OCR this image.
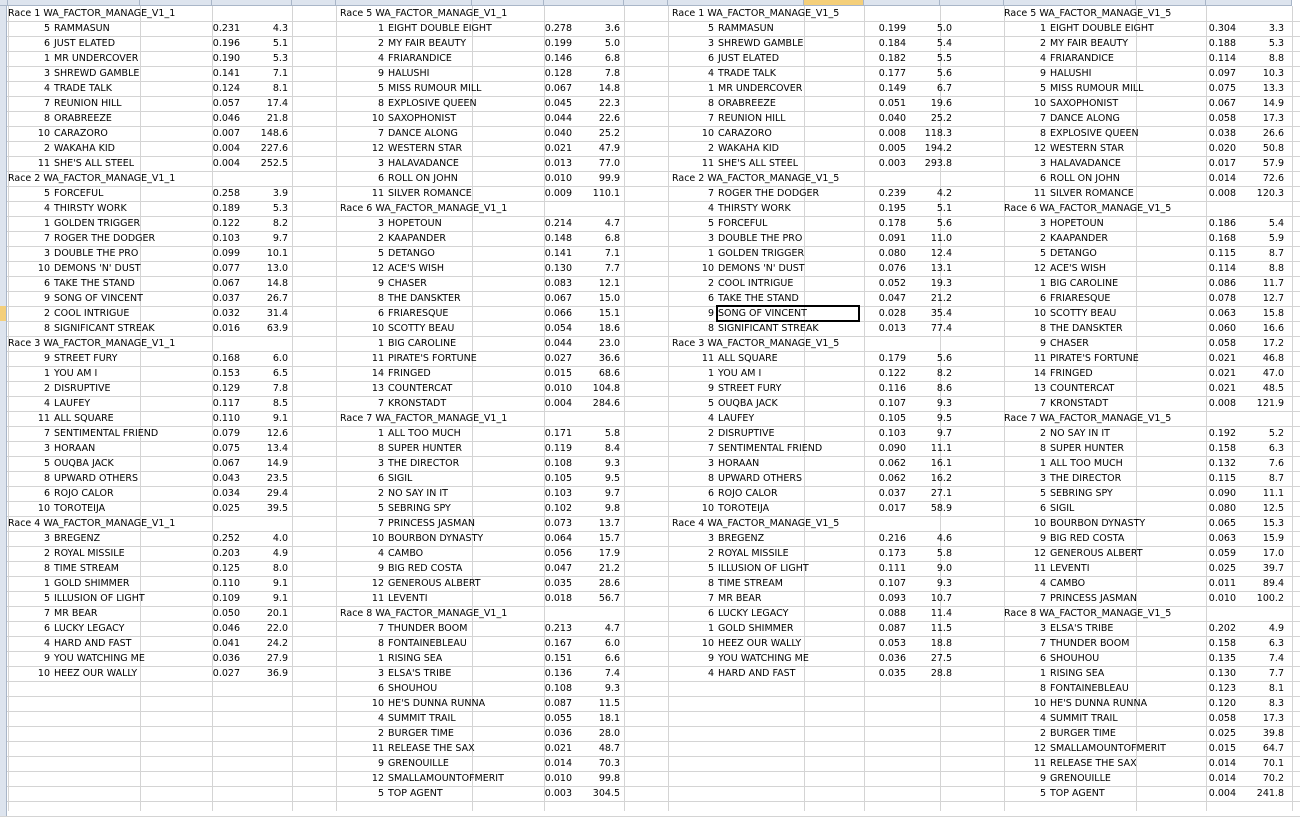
Race 1 WA_FACTOR_MANAGE_V1_1
5 RAMMASUN	0.231	4.3
6 JUST ELATED	0.196	5.1
1 MR UNDERCOVER	0.190	5.3
3 SHREWD GAMBLE	0.141	7.1
4 TRADE TALK	0.124	8.1
7 REUNION HILL	0.057	17.4
8 ORABREEZE	0.046	21.8
10 CARAZORO	0.007	148.6
2 WAKAHA KID	0.004	227.6
11 SHE'S ALL STEEL	0.004	252.5
Race 2 WA_FACTOR_MANAGE_V1_1
5 FORCEFUL	0.258	3.9
4 THIRSTY WORK	0.189	5.3
1 GOLDEN TRIGGER	0.122	8.2
7 ROGER THE DODGER	0.103	9.7
3 DOUBLE THE PRO	0.099	10.1
10 DEMONS 'N' DUST	0.077	13.0
6 TAKE THE STAND	0.067	14.8
9 SONG OF VINCENT	0.037	26.7
2 COOL INTRIGUE	0.032	31.4
8 SIGNIFICANT STREAK	0.016	63.9
Race 3 WA_FACTOR_MANAGE_V1_1
9 STREET FURY	0.168	6.0
1 YOU AM I	0.153	6.5
2 DISRUPTIVE	0.129	7.8
4 LAUFEY	0.117	8.5
11 ALL SQUARE	0.110	9.1
7 SENTIMENTAL FRIEND	0.079	12.6
3 HORAAN	0.075	13.4
5 OUQBA JACK	0.067	14.9
8 UPWARD OTHERS	0.043	23.5
6 ROJO CALOR	0.034	29.4
10 TOROTEIJA	0.025	39.5
Race 4 WA_FACTOR_MANAGE_V1_1
3 BREGENZ	0.252	4.0
2 ROYAL MISSILE	0.203	4.9
8 TIME STREAM	0.125	8.0
1 GOLD SHIMMER	0.110	9.1
5 ILLUSION OF LIGHT	0.109	9.1
7 MR BEAR	0.050	20.1
6 LUCKY LEGACY	0.046	22.0
4 HARD AND FAST	0.041	24.2
9 YOU WATCHING ME	0.036	27.9
10 HEEZ OUR WALLY	0.027	36.9
Race 5 WA_FACTOR_MANAGE_V1_1
1 EIGHT DOUBLE EIGHT	0.278	3.6
2 MY FAIR BEAUTY	0.199	5.0
4 FRIARANDICE	0.146	6.8
9 HALUSHI	0.128	7.8
5 MISS RUMOUR MILL	0.067	14.8
8 EXPLOSIVE QUEEN	0.045	22.3
10 SAXOPHONIST	0.044	22.6
7 DANCE ALONG	0.040	25.2
12 WESTERN STAR	0.021	47.9
3 HALAVADANCE	0.013	77.0
6 ROLL ON JOHN	0.010	99.9
11 SILVER ROMANCE	0.009	110.1
Race 6 WA_FACTOR_MANAGE_V1_1
3 HOPETOUN	0.214	4.7
2 KAAPANDER	0.148	6.8
5 DETANGO	0.141	7.1
12 ACE'S WISH	0.130	7.7
9 CHASER	0.083	12.1
8 THE DANSKTER	0.067	15.0
6 FRIARESQUE	0.066	15.1
10 SCOTTY BEAU	0.054	18.6
1 BIG CAROLINE	0.044	23.0
11 PIRATE'S FORTUNE	0.027	36.6
14 FRINGED	0.015	68.6
13 COUNTERCAT	0.010	104.8
7 KRONSTADT	0.004	284.6
Race 7 WA_FACTOR_MANAGE_V1_1
1 ALL TOO MUCH	0.171	5.8
8 SUPER HUNTER	0.119	8.4
3 THE DIRECTOR	0.108	9.3
6 SIGIL	0.105	9.5
2 NO SAY IN IT	0.103	9.7
5 SEBRING SPY	0.102	9.8
7 PRINCESS JASMAN	0.073	13.7
10 BOURBON DYNASTY	0.064	15.7
4 CAMBO	0.056	17.9
9 BIG RED COSTA	0.047	21.2
12 GENEROUS ALBERT	0.035	28.6
11 LEVENTI	0.018	56.7
Race 8 WA_FACTOR_MANAGE_V1_1
7 THUNDER BOOM	0.213	4.7
8 FONTAINEBLEAU	0.167	6.0
1 RISING SEA	0.151	6.6
3 ELSA'S TRIBE	0.136	7.4
6 SHOUHOU	0.108	9.3
10 HE'S DUNNA RUNNA	0.087	11.5
4 SUMMIT TRAIL	0.055	18.1
2 BURGER TIME	0.036	28.0
11 RELEASE THE SAX	0.021	48.7
9 GRENOUILLE	0.014	70.3
12 SMALLAMOUNTOFMERIT	0.010	99.8
5 TOP AGENT	0.003	304.5
Race 1 WA_FACTOR_MANAGE_V1_5
5 RAMMASUN	0.199	5.0
3 SHREWD GAMBLE	0.184	5.4
6 JUST ELATED	0.182	5.5
4 TRADE TALK	0.177	5.6
1 MR UNDERCOVER	0.149	6.7
8 ORABREEZE	0.051	19.6
7 REUNION HILL	0.040	25.2
10 CARAZORO	0.008	118.3
2 WAKAHA KID	0.005	194.2
11 SHE'S ALL STEEL	0.003	293.8
Race 2 WA_FACTOR_MANAGE_V1_5
7 ROGER THE DODGER	0.239	4.2
4 THIRSTY WORK	0.195	5.1
5 FORCEFUL	0.178	5.6
3 DOUBLE THE PRO	0.091	11.0
1 GOLDEN TRIGGER	0.080	12.4
10 DEMONS 'N' DUST	0.076	13.1
2 COOL INTRIGUE	0.052	19.3
6 TAKE THE STAND	0.047	21.2
9 SONG OF VINCENT	0.028	35.4
8 SIGNIFICANT STREAK	0.013	77.4
Race 3 WA_FACTOR_MANAGE_V1_5
11 ALL SQUARE	0.179	5.6
1 YOU AM I	0.122	8.2
9 STREET FURY	0.116	8.6
5 OUQBA JACK	0.107	9.3
4 LAUFEY	0.105	9.5
2 DISRUPTIVE	0.103	9.7
7 SENTIMENTAL FRIEND	0.090	11.1
3 HORAAN	0.062	16.1
8 UPWARD OTHERS	0.062	16.2
6 ROJO CALOR	0.037	27.1
10 TOROTEIJA	0.017	58.9
Race 4 WA_FACTOR_MANAGE_V1_5
3 BREGENZ	0.216	4.6
2 ROYAL MISSILE	0.173	5.8
5 ILLUSION OF LIGHT	0.111	9.0
8 TIME STREAM	0.107	9.3
7 MR BEAR	0.093	10.7
6 LUCKY LEGACY	0.088	11.4
1 GOLD SHIMMER	0.087	11.5
10 HEEZ OUR WALLY	0.053	18.8
9 YOU WATCHING ME	0.036	27.5
4 HARD AND FAST	0.035	28.8
Race 5 WA_FACTOR_MANAGE_V1_5
1 EIGHT DOUBLE EIGHT	0.304	3.3
2 MY FAIR BEAUTY	0.188	5.3
4 FRIARANDICE	0.114	8.8
9 HALUSHI	0.097	10.3
5 MISS RUMOUR MILL	0.075	13.3
10 SAXOPHONIST	0.067	14.9
7 DANCE ALONG	0.058	17.3
8 EXPLOSIVE QUEEN	0.038	26.6
12 WESTERN STAR	0.020	50.8
3 HALAVADANCE	0.017	57.9
6 ROLL ON JOHN	0.014	72.6
11 SILVER ROMANCE	0.008	120.3
Race 6 WA_FACTOR_MANAGE_V1_5
3 HOPETOUN	0.186	5.4
2 KAAPANDER	0.168	5.9
5 DETANGO	0.115	8.7
12 ACE'S WISH	0.114	8.8
1 BIG CAROLINE	0.086	11.7
6 FRIARESQUE	0.078	12.7
10 SCOTTY BEAU	0.063	15.8
8 THE DANSKTER	0.060	16.6
9 CHASER	0.058	17.2
11 PIRATE'S FORTUNE	0.021	46.8
14 FRINGED	0.021	47.0
13 COUNTERCAT	0.021	48.5
7 KRONSTADT	0.008	121.9
Race 7 WA_FACTOR_MANAGE_V1_5
2 NO SAY IN IT	0.192	5.2
8 SUPER HUNTER	0.158	6.3
1 ALL TOO MUCH	0.132	7.6
3 THE DIRECTOR	0.115	8.7
5 SEBRING SPY	0.090	11.1
6 SIGIL	0.080	12.5
10 BOURBON DYNASTY	0.065	15.3
9 BIG RED COSTA	0.063	15.9
12 GENEROUS ALBERT	0.059	17.0
11 LEVENTI	0.025	39.7
4 CAMBO	0.011	89.4
7 PRINCESS JASMAN	0.010	100.2
Race 8 WA_FACTOR_MANAGE_V1_5
3 ELSA'S TRIBE	0.202	4.9
7 THUNDER BOOM	0.158	6.3
6 SHOUHOU	0.135	7.4
1 RISING SEA	0.130	7.7
8 FONTAINEBLEAU	0.123	8.1
10 HE'S DUNNA RUNNA	0.120	8.3
4 SUMMIT TRAIL	0.058	17.3
2 BURGER TIME	0.025	39.8
12 SMALLAMOUNTOFMERIT	0.015	64.7
11 RELEASE THE SAX	0.014	70.1
9 GRENOUILLE	0.014	70.2
5 TOP AGENT	0.004	241.8
